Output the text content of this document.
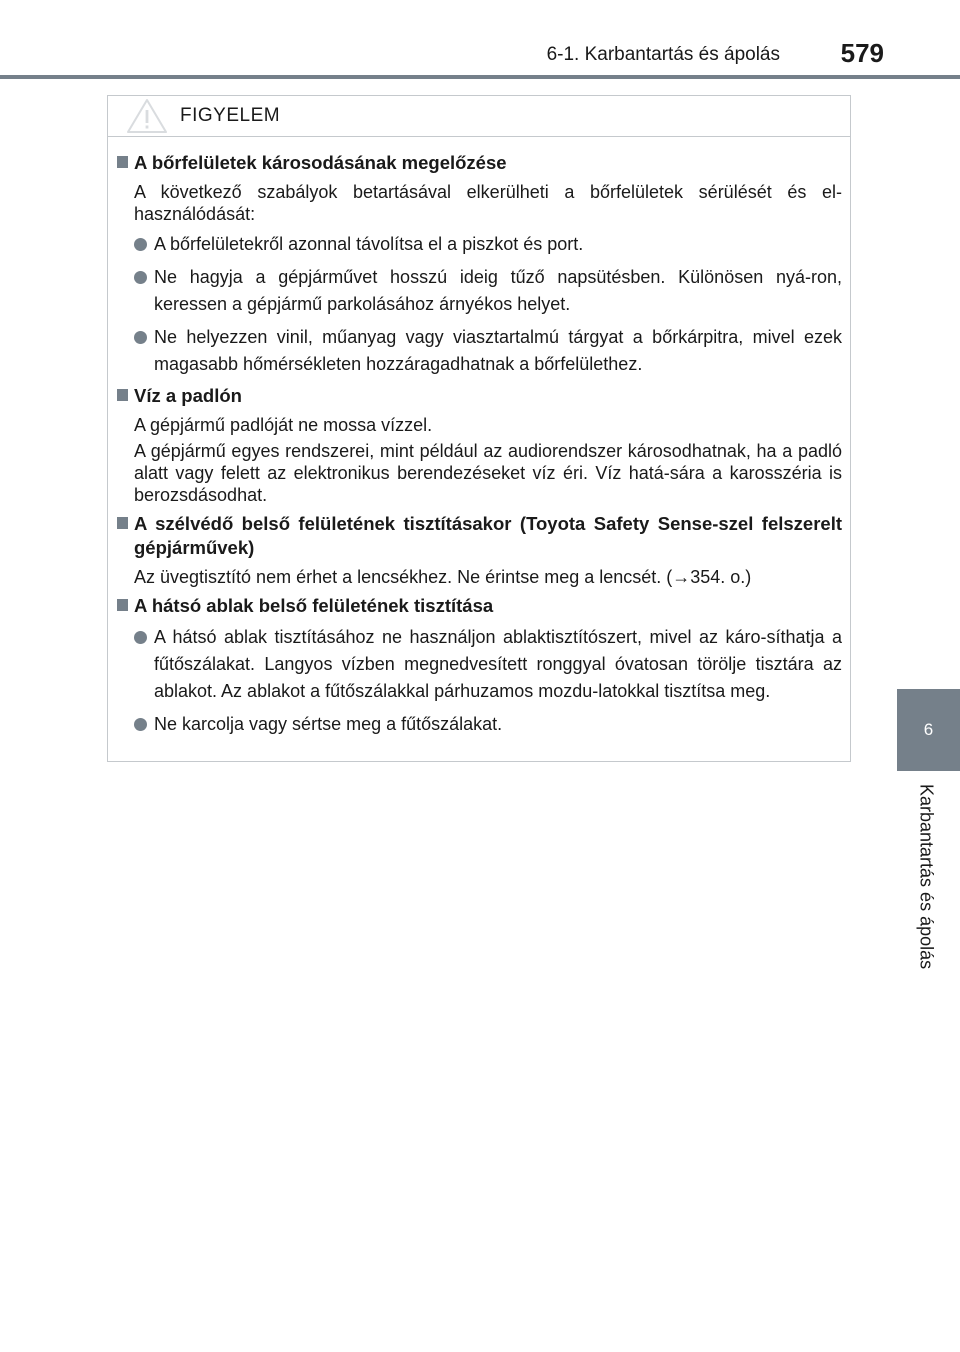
6-1. Karbantartás és ápolás 579
6
Karbantartás és ápolás
FIGYELEM
A bőrfelületek károsodásának megelőzése
A következő szabályok betartásával elkerülheti a bőrfelületek sérülését és el-használódását:
A bőrfelületekről azonnal távolítsa el a piszkot és port.
Ne hagyja a gépjárművet hosszú ideig tűző napsütésben. Különösen nyá-ron, keressen a gépjármű parkolásához árnyékos helyet.
Ne helyezzen vinil, műanyag vagy viasztartalmú tárgyat a bőrkárpitra, mivel ezek magasabb hőmérsékleten hozzáragadhatnak a bőrfelülethez.
Víz a padlón
A gépjármű padlóját ne mossa vízzel.
A gépjármű egyes rendszerei, mint például az audiorendszer károsodhatnak, ha a padló alatt vagy felett az elektronikus berendezéseket víz éri. Víz hatá-sára a karosszéria is berozsdásodhat.
A szélvédő belső felületének tisztításakor (Toyota Safety Sense-szel felszerelt gépjárművek)
Az üvegtisztító nem érhet a lencsékhez. Ne érintse meg a lencsét. (→354. o.)
A hátsó ablak belső felületének tisztítása
A hátsó ablak tisztításához ne használjon ablaktisztítószert, mivel az káro-síthatja a fűtőszálakat. Langyos vízben megnedvesített ronggyal óvatosan törölje tisztára az ablakot. Az ablakot a fűtőszálakkal párhuzamos mozdu-latokkal tisztítsa meg.
Ne karcolja vagy sértse meg a fűtőszálakat.
